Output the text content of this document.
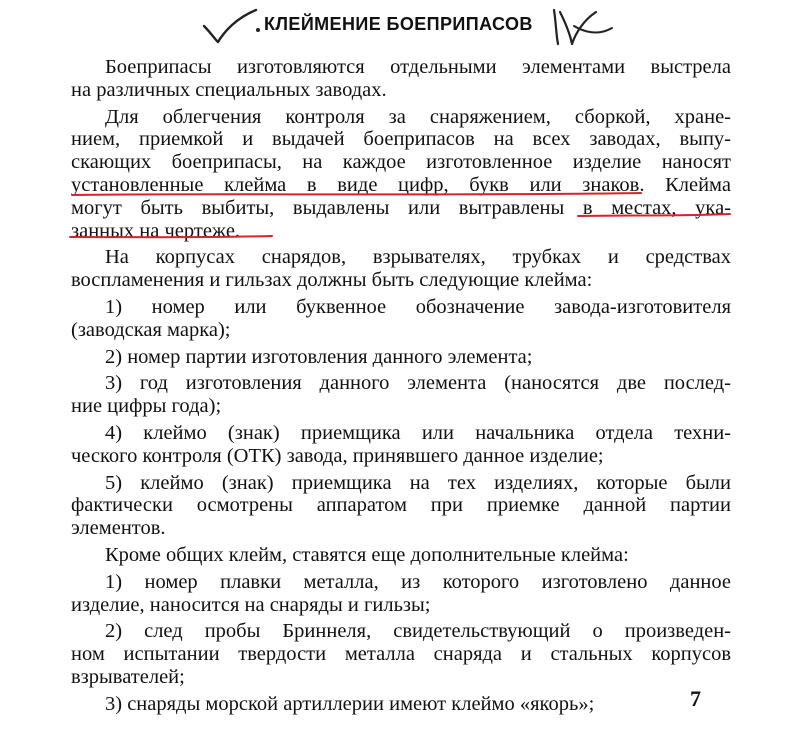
КЛЕЙМЕНИЕ БОЕПРИПАСОВ

Боеприпасы изготовляются отдельными элементами выстрела
на различных специальных заводах.

Для облегчения контроля за снаряжением, сборкой, хране-
нием, приемкой и выдачей боеприпасов на всех заводах, выпу-
скающих боеприпасы, на каждое изготовленное изделие наносят
установленные клейма в виде цифр, букв или знаков. Клейма
могут быть выбиты, выдавлены или вытравлены в местах, ука-
занных на чертеже.

На корпусах снарядов, взрывателях, трубках и средствах
воспламенения и гильзах должны быть следующие клейма:

1) номер или буквенное обозначение завода-изготовителя
(заводская марка);

2) номер партии изготовления данного элемента;

3) год изготовления данного элемента (наносятся две послед-
ние цифры года);

4) клеймо (знак) приемщика или начальника отдела техни-
ческого контроля (ОТК) завода, принявшего данное изделие;

5) клеймо (знак) приемщика на тех изделиях, которые были
фактически осмотрены аппаратом при приемке данной партии
элементов.

Кроме общих клейм, ставятся еще дополнительные клейма:

1) номер плавки металла, из которого изготовлено данное
изделие, наносится на снаряды и гильзы;

2) след пробы Бриннеля, свидетельствующий о произведен-
ном испытании твердости металла снаряда и стальных корпусов
взрывателей;

3) снаряды морской артиллерии имеют клеймо «якорь»;	7
